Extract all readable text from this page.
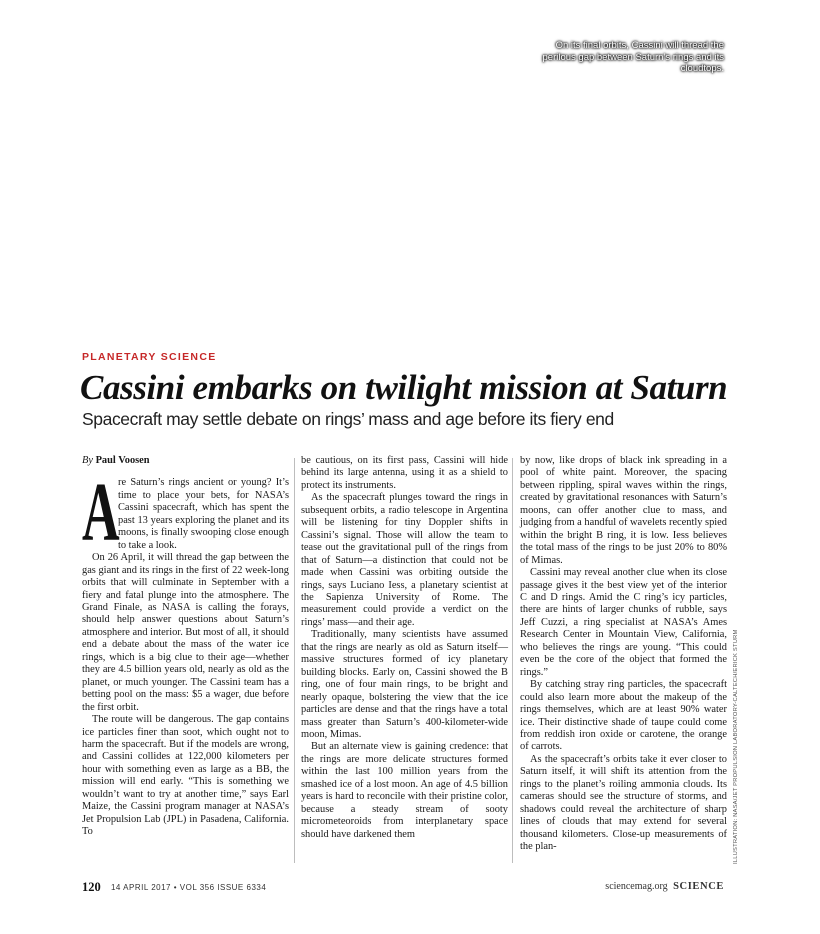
On its final orbits, Cassini will thread the perilous gap between Saturn’s rings and its cloudtops.
PLANETARY SCIENCE
Cassini embarks on twilight mission at Saturn
Spacecraft may settle debate on rings’ mass and age before its fiery end
By Paul Voosen

A
re Saturn’s rings ancient or young? It’s time to place your bets, for NASA’s Cassini spacecraft, which has spent the past 13 years exploring the planet and its moons, is finally swooping close enough to take a look.

On 26 April, it will thread the gap between the gas giant and its rings in the first of 22 week-long orbits that will culminate in September with a fiery and fatal plunge into the atmosphere. The Grand Finale, as NASA is calling the forays, should help answer questions about Saturn’s atmosphere and interior. But most of all, it should end a debate about the mass of the water ice rings, which is a big clue to their age—whether they are 4.5 billion years old, nearly as old as the planet, or much younger. The Cassini team has a betting pool on the mass: $5 a wager, due before the first orbit.

The route will be dangerous. The gap contains ice particles finer than soot, which ought not to harm the spacecraft. But if the models are wrong, and Cassini collides at 122,000 kilometers per hour with something even as large as a BB, the mission will end early. “This is something we wouldn’t want to try at another time,” says Earl Maize, the Cassini program manager at NASA’s Jet Propulsion Lab (JPL) in Pasadena, California. To

be cautious, on its first pass, Cassini will hide behind its large antenna, using it as a shield to protect its instruments.

As the spacecraft plunges toward the rings in subsequent orbits, a radio telescope in Argentina will be listening for tiny Doppler shifts in Cassini’s signal. Those will allow the team to tease out the gravitational pull of the rings from that of Saturn—a distinction that could not be made when Cassini was orbiting outside the rings, says Luciano Iess, a planetary scientist at the Sapienza University of Rome. The measurement could provide a verdict on the rings’ mass—and their age.

Traditionally, many scientists have assumed that the rings are nearly as old as Saturn itself—massive structures formed of icy planetary building blocks. Early on, Cassini showed the B ring, one of four main rings, to be bright and nearly opaque, bolstering the view that the ice particles are dense and that the rings have a total mass greater than Saturn’s 400-kilometer-wide moon, Mimas.

But an alternate view is gaining credence: that the rings are more delicate structures formed within the last 100 million years from the smashed ice of a lost moon. An age of 4.5 billion years is hard to reconcile with their pristine color, because a steady stream of sooty micrometeoroids from interplanetary space should have darkened them

by now, like drops of black ink spreading in a pool of white paint. Moreover, the spacing between rippling, spiral waves within the rings, created by gravitational resonances with Saturn’s moons, can offer another clue to mass, and judging from a handful of wavelets recently spied within the bright B ring, it is low. Iess believes the total mass of the rings to be just 20% to 80% of Mimas.

Cassini may reveal another clue when its close passage gives it the best view yet of the interior C and D rings. Amid the C ring’s icy particles, there are hints of larger chunks of rubble, says Jeff Cuzzi, a ring specialist at NASA’s Ames Research Center in Mountain View, California, who believes the rings are young. “This could even be the core of the object that formed the rings.”

By catching stray ring particles, the spacecraft could also learn more about the makeup of the rings themselves, which are at least 90% water ice. Their distinctive shade of taupe could come from reddish iron oxide or carotene, the orange of carrots.

As the spacecraft’s orbits take it ever closer to Saturn itself, it will shift its attention from the rings to the planet’s roiling ammonia clouds. Its cameras should see the structure of storms, and shadows could reveal the architecture of sharp lines of clouds that may extend for several thousand kilometers. Close-up measurements of the plan-	ILLUSTRATION: NASA/JET PROPULSION LABORATORY-CALTECH/ERICK STURM
120 14 APRIL 2017 • VOL 356 ISSUE 6334	sciencemag.org SCIENCE
